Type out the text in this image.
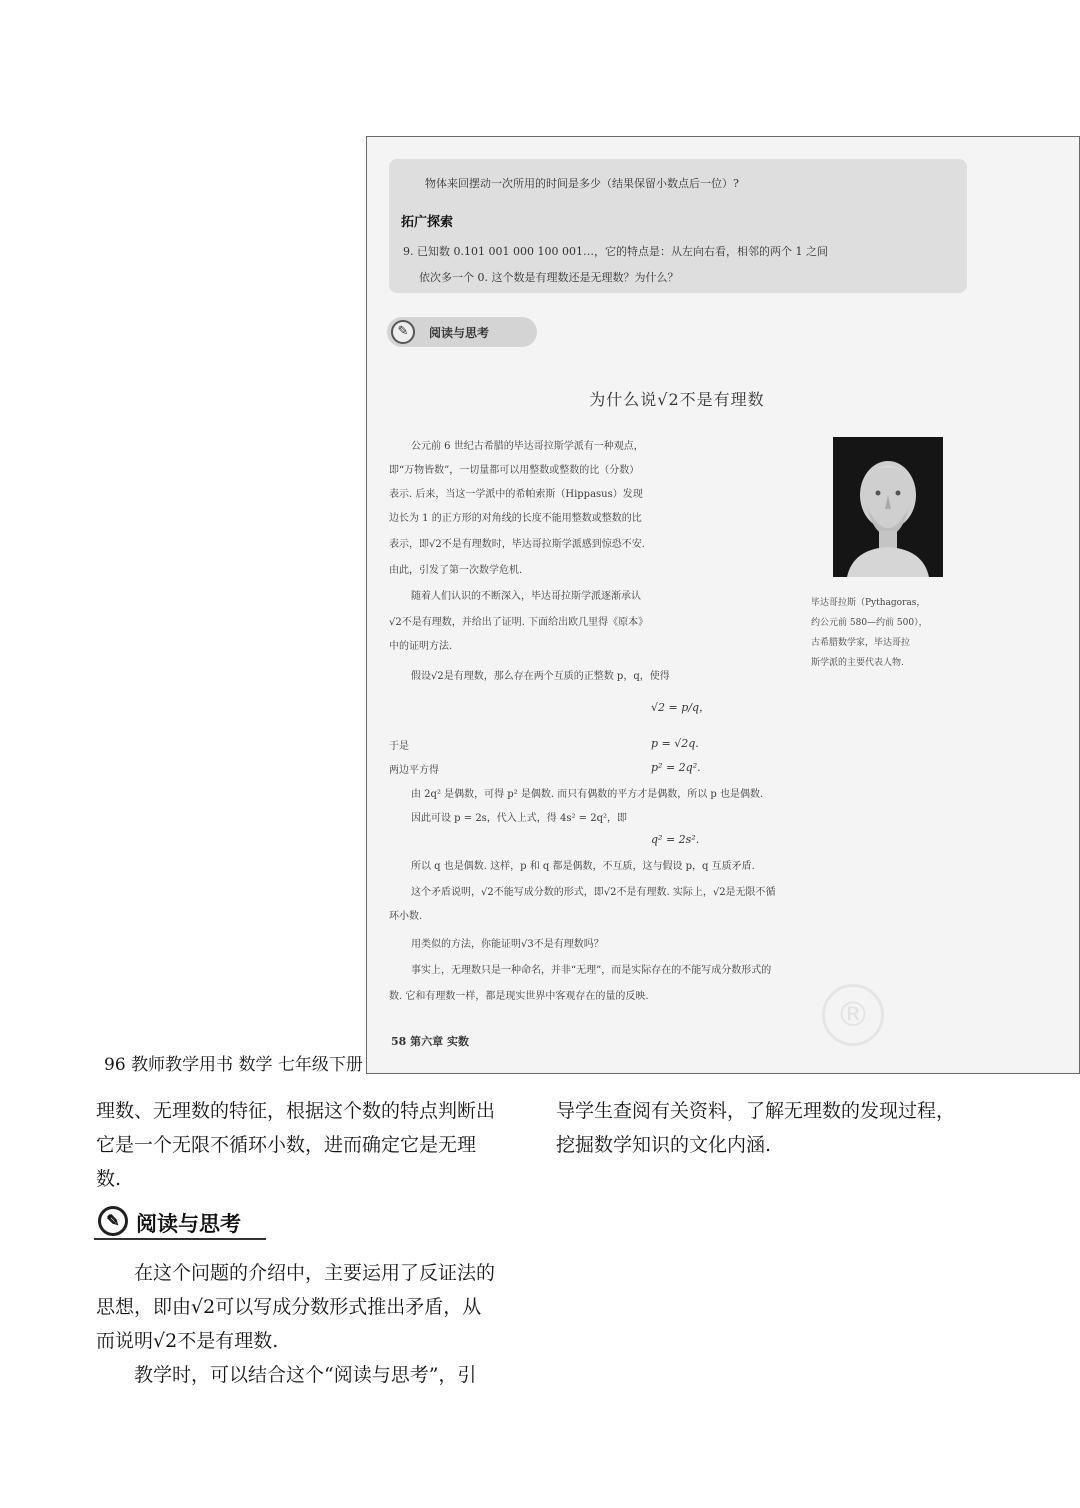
物体来回摆动一次所用的时间是多少（结果保留小数点后一位）?
拓广探索
9. 已知数 0.101 001 000 100 001…，它的特点是：从左向右看，相邻的两个 1 之间
依次多一个 0. 这个数是有理数还是无理数？为什么？
✎	阅读与思考
为什么说√2不是有理数
公元前 6 世纪古希腊的毕达哥拉斯学派有一种观点，
即“万物皆数”，一切量都可以用整数或整数的比（分数）
表示. 后来，当这一学派中的希帕索斯（Hippasus）发现
边长为 1 的正方形的对角线的长度不能用整数或整数的比
表示，即√2不是有理数时，毕达哥拉斯学派感到惊恐不安.
由此，引发了第一次数学危机.
随着人们认识的不断深入，毕达哥拉斯学派逐渐承认
√2不是有理数，并给出了证明. 下面给出欧几里得《原本》
中的证明方法.
假设√2是有理数，那么存在两个互质的正整数 p，q，使得
毕达哥拉斯（Pythagoras，
约公元前 580—约前 500），
古希腊数学家，毕达哥拉
斯学派的主要代表人物.
√2 = p/q，
于是	p = √2q.
两边平方得	p² = 2q².
由 2q² 是偶数，可得 p² 是偶数. 而只有偶数的平方才是偶数，所以 p 也是偶数.
因此可设 p = 2s，代入上式，得 4s² = 2q²，即
q² = 2s².
所以 q 也是偶数. 这样，p 和 q 都是偶数，不互质，这与假设 p，q 互质矛盾.
这个矛盾说明，√2不能写成分数的形式，即√2不是有理数. 实际上，√2是无限不循
环小数.
用类似的方法，你能证明√3不是有理数吗？
事实上，无理数只是一种命名，并非“无理”，而是实际存在的不能写成分数形式的
数. 它和有理数一样，都是现实世界中客观存在的量的反映.
58 第六章 实数
®

理数、无理数的特征，根据这个数的特点判断出

它是一个无限不循环小数，进而确定它是无理

数.

导学生查阅有关资料，了解无理数的发现过程，

挖掘数学知识的文化内涵.

✎ 阅读与思考

　　在这个问题的介绍中，主要运用了反证法的

思想，即由√2可以写成分数形式推出矛盾，从

而说明√2不是有理数.

　　教学时，可以结合这个“阅读与思考”，引

96 教师教学用书 数学 七年级下册
